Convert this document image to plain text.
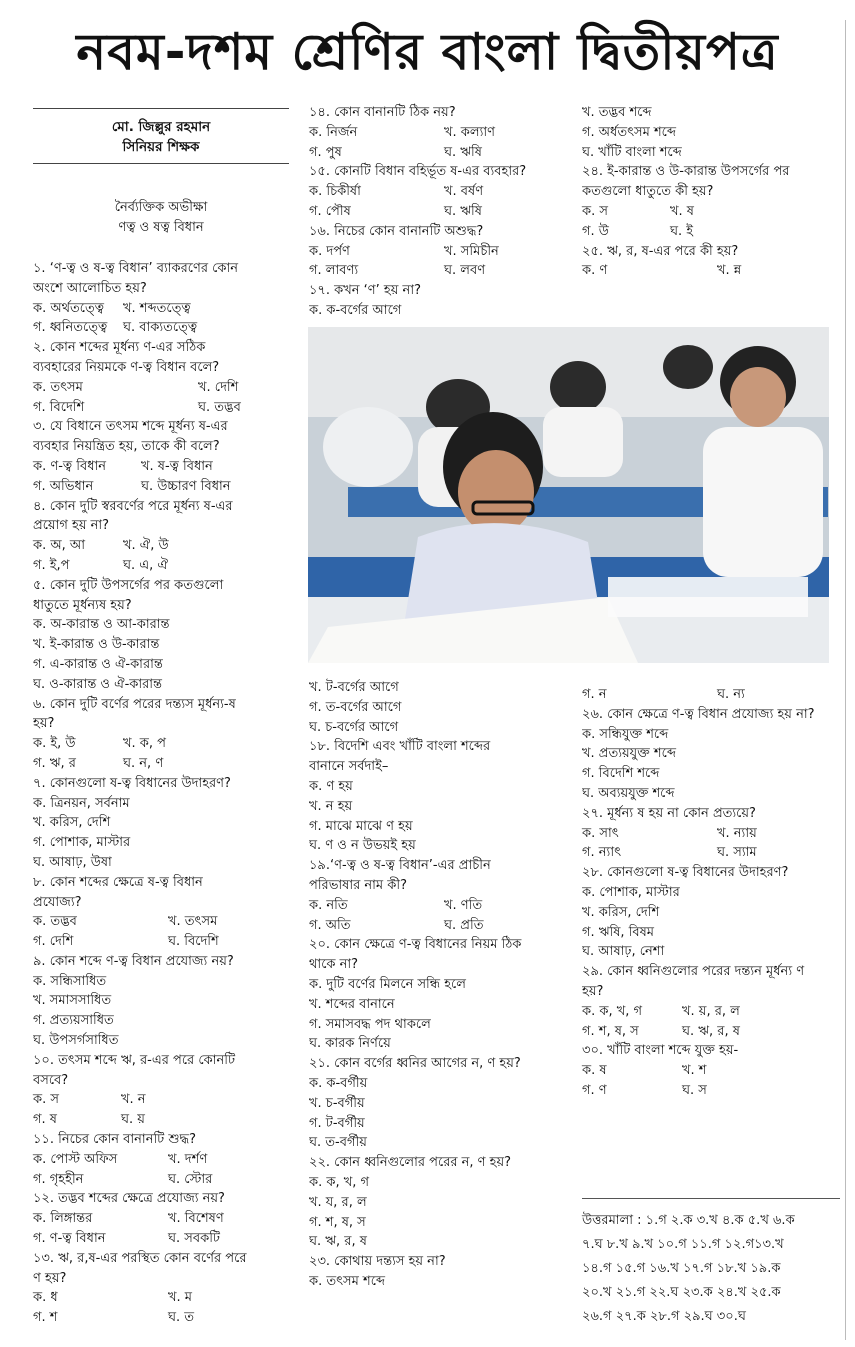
নবম-দশম শ্রেণির বাংলা দ্বিতীয়পত্র
মো. জিল্লুর রহমান
সিনিয়র শিক্ষক
নৈর্ব্যক্তিক অভীক্ষা
ণত্ব ও ষত্ব বিধান
১. ‘ণ-ত্ব ও ষ-ত্ব বিধান’ ব্যাকরণের কোন
অংশে আলোচিত হয়?
ক. অর্থতত্ত্বে	খ. শব্দতত্ত্বে
গ. ধ্বনিতত্ত্বে	ঘ. বাক্যতত্ত্বে
২. কোন শব্দের মূর্ধন্য ণ-এর সঠিক
ব্যবহারের নিয়মকে ণ-ত্ব বিধান বলে?
ক. তৎসম	খ. দেশি
গ. বিদেশি	ঘ. তদ্ভব
৩. যে বিধানে তৎসম শব্দে মূর্ধন্য ষ-এর
ব্যবহার নিয়ন্ত্রিত হয়, তাকে কী বলে?
ক. ণ-ত্ব বিধান	খ. ষ-ত্ব বিধান
গ. অভিধান	ঘ. উচ্চারণ বিধান
৪. কোন দুটি স্বরবর্ণের পরে মূর্ধন্য ষ-এর
প্রয়োগ হয় না?
ক. অ, আ	খ. ঐ, উ
গ. ই,প	ঘ. এ, ঐ
৫. কোন দুটি উপসর্গের পর কতগুলো
ধাতুতে মূর্ধন্যষ হয়?
ক. অ-কারান্ত ও আ-কারান্ত
খ. ই-কারান্ত ও উ-কারান্ত
গ. এ-কারান্ত ও ঐ-কারান্ত
ঘ. ও-কারান্ত ও ঐ-কারান্ত
৬. কোন দুটি বর্ণের পরের দন্ত্যস মূর্ধন্য-ষ
হয়?
ক. ই, উ	খ. ক, প
গ. ঋ, র	ঘ. ন, ণ
৭. কোনগুলো ষ-ত্ব বিধানের উদাহরণ?
ক. ত্রিনয়ন, সর্বনাম
খ. করিস, দেশি
গ. পোশাক, মাস্টার
ঘ. আষাঢ়, উষা
৮. কোন শব্দের ক্ষেত্রে ষ-ত্ব বিধান
প্রযোজ্য?
ক. তদ্ভব	খ. তৎসম
গ. দেশি	ঘ. বিদেশি
৯. কোন শব্দে ণ-ত্ব বিধান প্রযোজ্য নয়?
ক. সন্ধিসাধিত
খ. সমাসসাধিত
গ. প্রত্যয়সাধিত
ঘ. উপসর্গসাধিত
১০. তৎসম শব্দে ঋ, র-এর পরে কোনটি
বসবে?
ক. স	খ. ন
গ. ষ	ঘ. য়
১১. নিচের কোন বানানটি শুদ্ধ?
ক. পোস্ট অফিস	খ. দর্শণ
গ. গৃহহীন	ঘ. স্টোর
১২. তদ্ভব শব্দের ক্ষেত্রে প্রযোজ্য নয়?
ক. লিঙ্গান্তর	খ. বিশেষণ
গ. ণ-ত্ব বিধান	ঘ. সবকটি
১৩. ঋ, র,ষ-এর পরস্থিত কোন বর্ণের পরে
ণ হয়?
ক. ধ	খ. ম
গ. শ	ঘ. ত
১৪. কোন বানানটি ঠিক নয়?
ক. নির্জন	খ. কল্যাণ
গ. পুষ	ঘ. ঋষি
১৫. কোনটি বিধান বহির্ভূত ষ-এর ব্যবহার?
ক. চিকীর্ষা	খ. বর্ষণ
গ. পৌষ	ঘ. ঋষি
১৬. নিচের কোন বানানটি অশুদ্ধ?
ক. দর্পণ	খ. সমিচীন
গ. লাবণ্য	ঘ. লবণ
১৭. কখন ‘ণ’ হয় না?
ক. ক-বর্গের আগে
খ. তদ্ভব শব্দে
গ. অর্ধতৎসম শব্দে
ঘ. খাঁটি বাংলা শব্দে
২৪. ই-কারান্ত ও উ-কারান্ত উপসর্গের পর
কতগুলো ধাতুতে কী হয়?
ক. স	খ. ষ
গ. উ	ঘ. ই
২৫. ঋ, র, ষ-এর পরে কী হয়?
ক. ণ	খ. ন্ন
খ. ট-বর্গের আগে
গ. ত-বর্গের আগে
ঘ. চ-বর্গের আগে
১৮. বিদেশি এবং খাঁটি বাংলা শব্দের
বানানে সর্বদাই–
ক. ণ হয়
খ. ন হয়
গ. মাঝে মাঝে ণ হয়
ঘ. ণ ও ন উভয়ই হয়
১৯.‘ণ-ত্ব ও ষ-ত্ব বিধান’-এর প্রাচীন
পরিভাষার নাম কী?
ক. নতি	খ. ণতি
গ. অতি	ঘ. প্রতি
২০. কোন ক্ষেত্রে ণ-ত্ব বিধানের নিয়ম ঠিক
থাকে না?
ক. দুটি বর্ণের মিলনে সন্ধি হলে
খ. শব্দের বানানে
গ. সমাসবদ্ধ পদ থাকলে
ঘ. কারক নির্ণয়ে
২১. কোন বর্গের ধ্বনির আগের ন, ণ হয়?
ক. ক-বর্গীয়
খ. চ-বর্গীয়
গ. ট-বর্গীয়
ঘ. ত-বর্গীয়
২২. কোন ধ্বনিগুলোর পরের ন, ণ হয়?
ক. ক, খ, গ
খ. য, র, ল
গ. শ, ষ, স
ঘ. ঋ, র, ষ
২৩. কোথায় দন্ত্যস হয় না?
ক. তৎসম শব্দে
গ. ন	ঘ. ন্য
২৬. কোন ক্ষেত্রে ণ-ত্ব বিধান প্রযোজ্য হয় না?
ক. সন্ধিযুক্ত শব্দে
খ. প্রত্যয়যুক্ত শব্দে
গ. বিদেশি শব্দে
ঘ. অব্যয়যুক্ত শব্দে
২৭. মূর্ধন্য ষ হয় না কোন প্রত্যয়ে?
ক. সাৎ	খ. ন্যায়
গ. ন্যাৎ	ঘ. স্যাম
২৮. কোনগুলো ষ-ত্ব বিধানের উদাহরণ?
ক. পোশাক, মাস্টার
খ. করিস, দেশি
গ. ঋষি, বিষম
ঘ. আষাঢ়, নেশা
২৯. কোন ধ্বনিগুলোর পরের দন্ত্যন মূর্ধন্য ণ
হয়?
ক. ক, খ, গ	খ. য়, র, ল
গ. শ, ষ, স	ঘ. ঋ, র, ষ
৩০. খাঁটি বাংলা শব্দে যুক্ত হয়-
ক. ষ	খ. শ
গ. ণ	ঘ. স
উত্তরমালা : ১.গ ২.ক ৩.খ ৪.ক ৫.খ ৬.ক
৭.ঘ ৮.খ ৯.খ ১০.গ ১১.গ ১২.গ১৩.খ
১৪.গ ১৫.গ ১৬.খ ১৭.গ ১৮.খ ১৯.ক
২০.খ ২১.গ ২২.ঘ ২৩.ক ২৪.খ ২৫.ক
২৬.গ ২৭.ক ২৮.গ ২৯.ঘ ৩০.ঘ
